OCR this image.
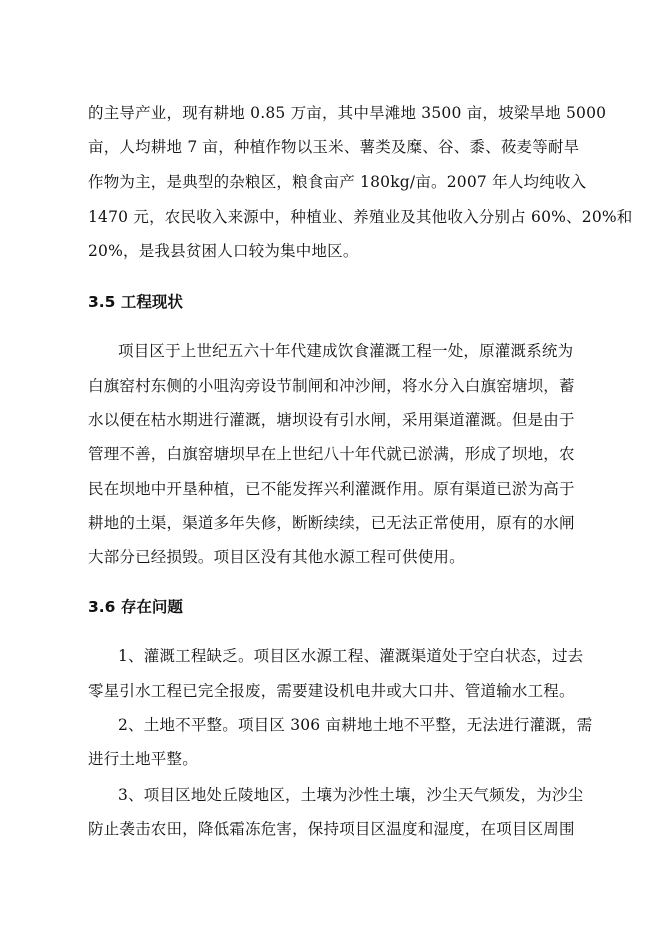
的主导产业，现有耕地 0.85 万亩，其中旱滩地 3500 亩，坡梁旱地 5000
亩，人均耕地 7 亩，种植作物以玉米、薯类及糜、谷、黍、莜麦等耐旱
作物为主，是典型的杂粮区，粮食亩产 180kg/亩。2007 年人均纯收入
1470 元，农民收入来源中，种植业、养殖业及其他收入分别占 60%、20%和
20%，是我县贫困人口较为集中地区。
3.5 工程现状
项目区于上世纪五六十年代建成饮食灌溉工程一处，原灌溉系统为
白旗窑村东侧的小咀沟旁设节制闸和冲沙闸，将水分入白旗窑塘坝，蓄
水以便在枯水期进行灌溉，塘坝设有引水闸，采用渠道灌溉。但是由于
管理不善，白旗窑塘坝早在上世纪八十年代就已淤满，形成了坝地，农
民在坝地中开垦种植，已不能发挥兴利灌溉作用。原有渠道已淤为高于
耕地的土渠，渠道多年失修，断断续续，已无法正常使用，原有的水闸
大部分已经损毁。项目区没有其他水源工程可供使用。
3.6 存在问题
1、灌溉工程缺乏。项目区水源工程、灌溉渠道处于空白状态，过去
零星引水工程已完全报废，需要建设机电井或大口井、管道输水工程。
2、土地不平整。项目区 306 亩耕地土地不平整，无法进行灌溉，需
进行土地平整。
3、项目区地处丘陵地区，土壤为沙性土壤，沙尘天气频发，为沙尘
防止袭击农田，降低霜冻危害，保持项目区温度和湿度，在项目区周围
